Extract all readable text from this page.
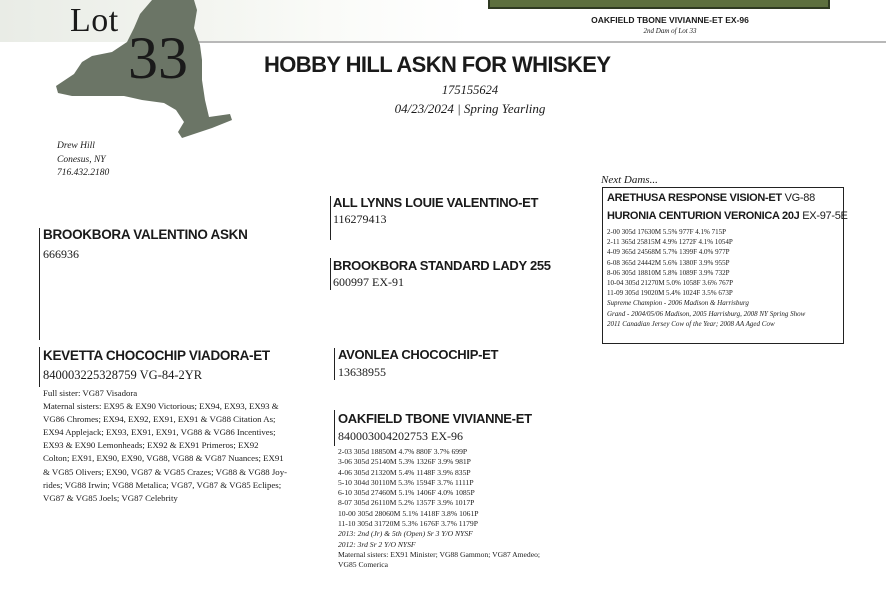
Lot
33
OAKFIELD TBONE VIVIANNE-ET EX-96
2nd Dam of Lot 33
HOBBY HILL ASKN FOR WHISKEY
175155624
04/23/2024 | Spring Yearling
Drew Hill
Conesus, NY
716.432.2180
ALL LYNNS LOUIE VALENTINO-ET
116279413
BROOKBORA VALENTINO ASKN
666936
BROOKBORA STANDARD LADY 255
600997 EX-91
KEVETTA CHOCOCHIP VIADORA-ET
840003225328759 VG-84-2YR
Full sister: VG87 Visadora
Maternal sisters: EX95 & EX90 Victorious; EX94, EX93, EX93 &
VG86 Chromes; EX94, EX92, EX91, EX91 & VG88 Citation As;
EX94 Applejack; EX93, EX91, EX91, VG88 & VG86 Incentives;
EX93 & EX90 Lemonheads; EX92 & EX91 Primeros; EX92
Colton; EX91, EX90, EX90, VG88, VG88 & VG87 Nuances; EX91
& VG85 Olivers; EX90, VG87 & VG85 Crazes; VG88 & VG88 Joy-
rides; VG88 Irwin; VG88 Metalica; VG87, VG87 & VG85 Eclipes;
VG87 & VG85 Joels; VG87 Celebrity
AVONLEA CHOCOCHIP-ET
13638955
OAKFIELD TBONE VIVIANNE-ET
840003004202753 EX-96
2-03 305d 18850M 4.7% 880F 3.7% 699P
3-06 305d 25140M 5.3% 1326F 3.9% 981P
4-06 305d 21320M 5.4% 1148F 3.9% 835P
5-10 304d 30110M 5.3% 1594F 3.7% 1111P
6-10 305d 27460M 5.1% 1406F 4.0% 1085P
8-07 305d 26110M 5.2% 1357F 3.9% 1017P
10-00 305d 28060M 5.1% 1418F 3.8% 1061P
11-10 305d 31720M 5.3% 1676F 3.7% 1179P
2013: 2nd (Jr) & 5th (Open) Sr 3 Y/O NYSF
2012: 3rd Sr 2 Y/O NYSF
Maternal sisters: EX91 Minister; VG88 Gammon; VG87 Amedeo;
VG85 Comerica
Next Dams...
ARETHUSA RESPONSE VISION-ET VG-88
HURONIA CENTURION VERONICA 20J EX-97-5E
2-00 305d 17630M 5.5% 977F 4.1% 715P
2-11 365d 25815M 4.9% 1272F 4.1% 1054P
4-09 365d 24568M 5.7% 1399F 4.0% 977P
6-08 365d 24442M 5.6% 1380F 3.9% 955P
8-06 305d 18810M 5.8% 1089F 3.9% 732P
10-04 305d 21270M 5.0% 1058F 3.6% 767P
11-09 305d 19020M 5.4% 1024F 3.5% 673P
Supreme Champion - 2006 Madison & Harrisburg
Grand - 2004/05/06 Madison, 2005 Harrisburg, 2008 NY Spring Show
2011 Canadian Jersey Cow of the Year; 2008 AA Aged Cow
